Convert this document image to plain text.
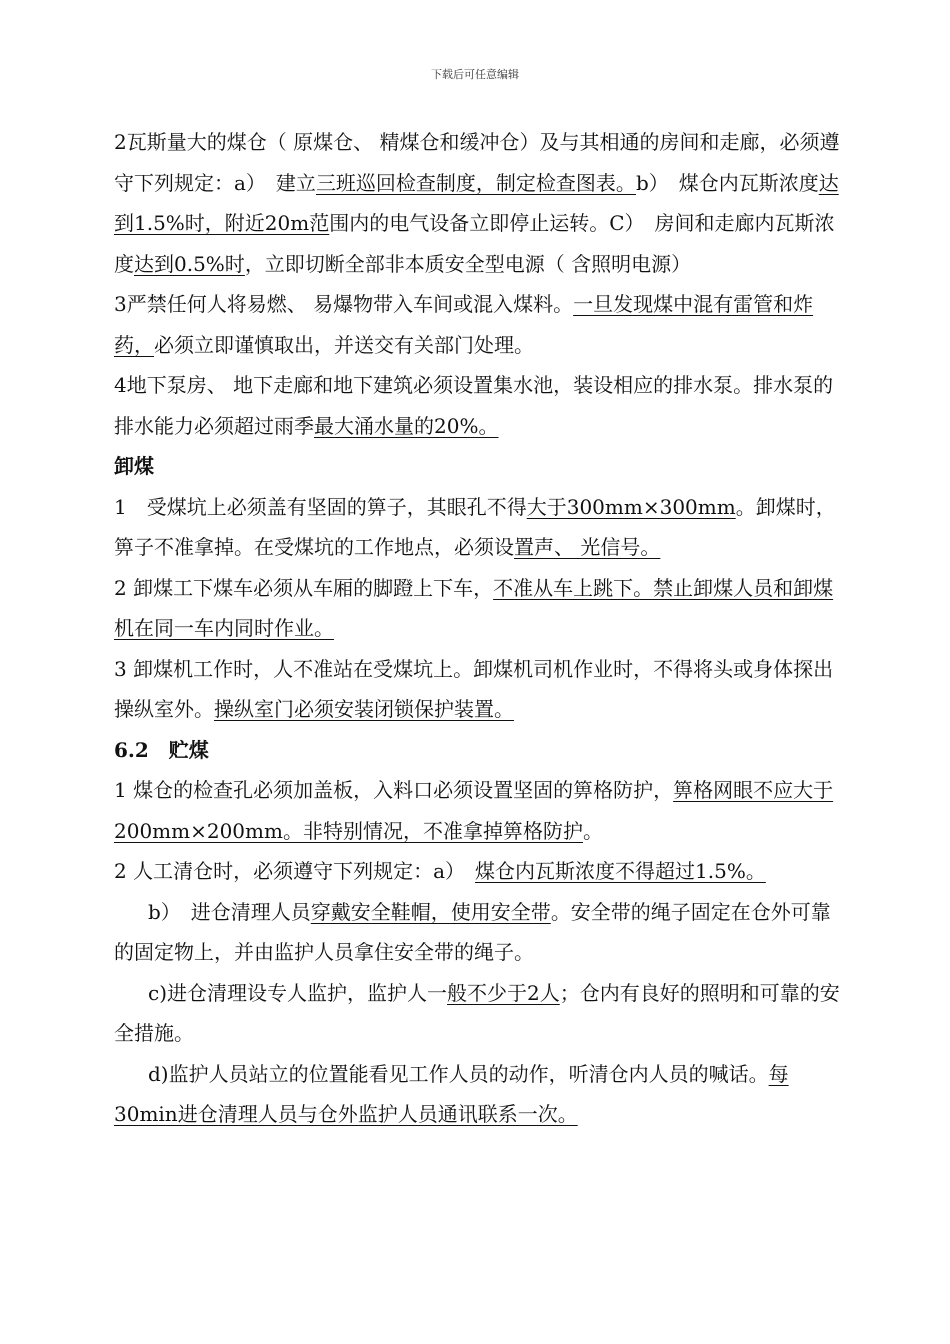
下载后可任意编辑

2瓦斯量大的煤仓（ 原煤仓、 精煤仓和缓冲仓）及与其相通的房间和走廊，必须遵守下列规定：a）　建立三班巡回检查制度，制定检查图表。b）　煤仓内瓦斯浓度达到1.5%时，附近20m范围内的电气设备立即停止运转。C）　房间和走廊内瓦斯浓度达到0.5%时，立即切断全部非本质安全型电源（ 含照明电源）

3严禁任何人将易燃、 易爆物带入车间或混入煤料。一旦发现煤中混有雷管和炸药，必须立即谨慎取出，并送交有关部门处理。

4地下泵房、 地下走廊和地下建筑必须设置集水池，装设相应的排水泵。排水泵的排水能力必须超过雨季最大涌水量的20%。

卸煤

1　受煤坑上必须盖有坚固的箅子，其眼孔不得大于300mm×300mm。卸煤时，箅子不准拿掉。在受煤坑的工作地点，必须设置声、 光信号。

2 卸煤工下煤车必须从车厢的脚蹬上下车，不准从车上跳下。禁止卸煤人员和卸煤机在同一车内同时作业。

3 卸煤机工作时，人不准站在受煤坑上。卸煤机司机作业时，不得将头或身体探出操纵室外。操纵室门必须安装闭锁保护装置。

6.2　贮煤

1 煤仓的检查孔必须加盖板，入料口必须设置坚固的箅格防护，箅格网眼不应大于200mm×200mm。非特别情况，不准拿掉箅格防护。

2 人工清仓时，必须遵守下列规定：a）　煤仓内瓦斯浓度不得超过1.5%。

b）　进仓清理人员穿戴安全鞋帽，使用安全带。安全带的绳子固定在仓外可靠的固定物上，并由监护人员拿住安全带的绳子。

c)进仓清理设专人监护，监护人一般不少于2人；仓内有良好的照明和可靠的安全措施。

d)监护人员站立的位置能看见工作人员的动作，听清仓内人员的喊话。每30min进仓清理人员与仓外监护人员通讯联系一次。
